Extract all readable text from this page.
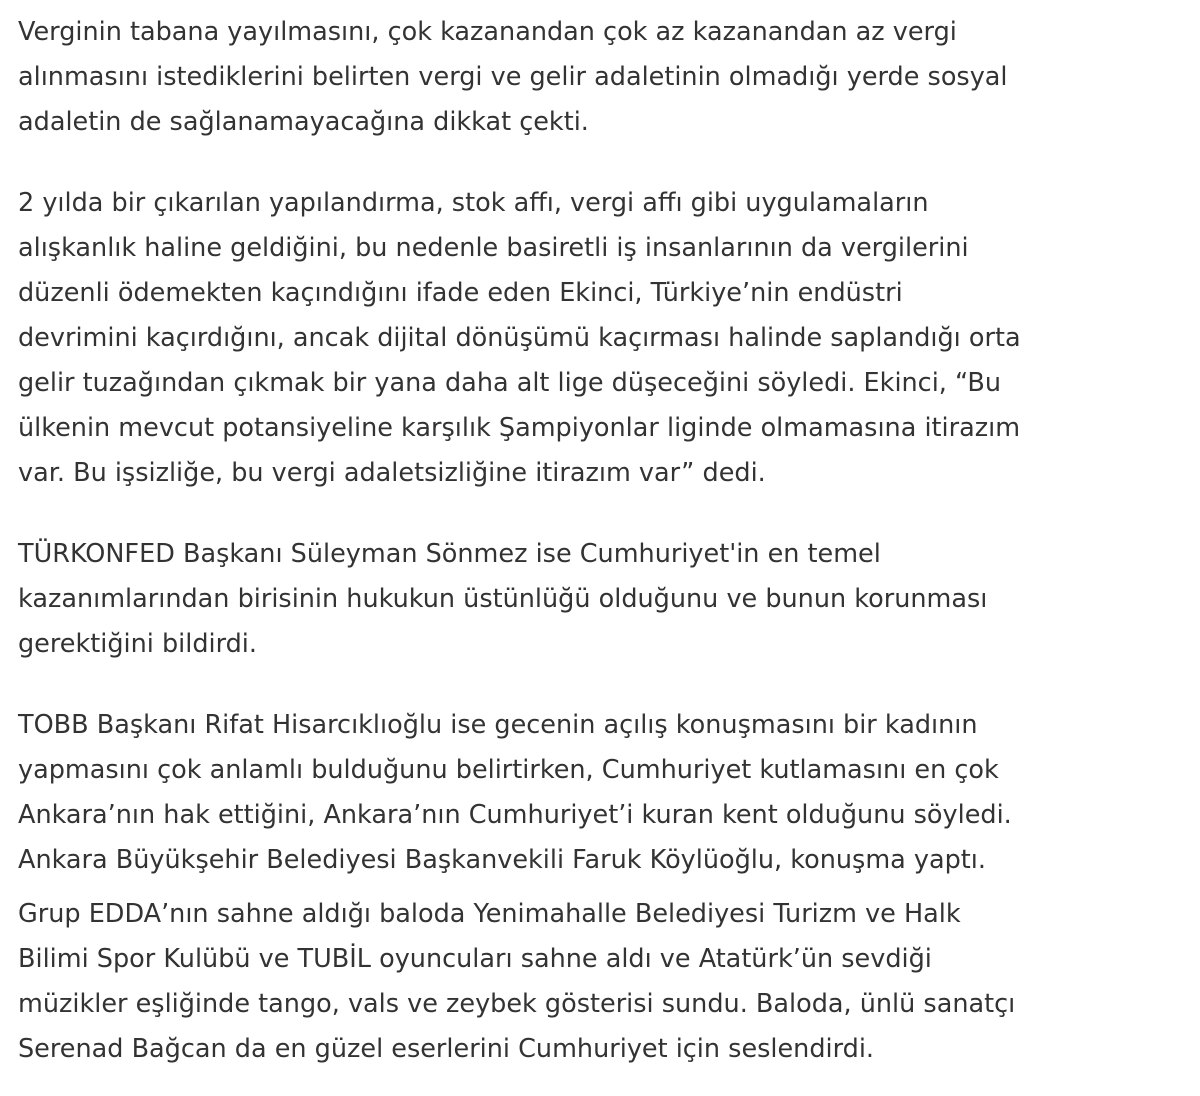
Verginin tabana yayılmasını, çok kazanandan çok az kazanandan az vergi
alınmasını istediklerini belirten vergi ve gelir adaletinin olmadığı yerde sosyal
adaletin de sağlanamayacağına dikkat çekti.

2 yılda bir çıkarılan yapılandırma, stok affı, vergi affı gibi uygulamaların
alışkanlık haline geldiğini, bu nedenle basiretli iş insanlarının da vergilerini
düzenli ödemekten kaçındığını ifade eden Ekinci, Türkiye’nin endüstri
devrimini kaçırdığını, ancak dijital dönüşümü kaçırması halinde saplandığı orta
gelir tuzağından çıkmak bir yana daha alt lige düşeceğini söyledi. Ekinci, “Bu
ülkenin mevcut potansiyeline karşılık Şampiyonlar liginde olmamasına itirazım
var. Bu işsizliğe, bu vergi adaletsizliğine itirazım var” dedi.

TÜRKONFED Başkanı Süleyman Sönmez ise Cumhuriyet'in en temel
kazanımlarından birisinin hukukun üstünlüğü olduğunu ve bunun korunması
gerektiğini bildirdi.

TOBB Başkanı Rifat Hisarcıklıoğlu ise gecenin açılış konuşmasını bir kadının
yapmasını çok anlamlı bulduğunu belirtirken, Cumhuriyet kutlamasını en çok
Ankara’nın hak ettiğini, Ankara’nın Cumhuriyet’i kuran kent olduğunu söyledi.
Ankara Büyükşehir Belediyesi Başkanvekili Faruk Köylüoğlu, konuşma yaptı.

Grup EDDA’nın sahne aldığı baloda Yenimahalle Belediyesi Turizm ve Halk
Bilimi Spor Kulübü ve TUBİL oyuncuları sahne aldı ve Atatürk’ün sevdiği
müzikler eşliğinde tango, vals ve zeybek gösterisi sundu. Baloda, ünlü sanatçı
Serenad Bağcan da en güzel eserlerini Cumhuriyet için seslendirdi.
